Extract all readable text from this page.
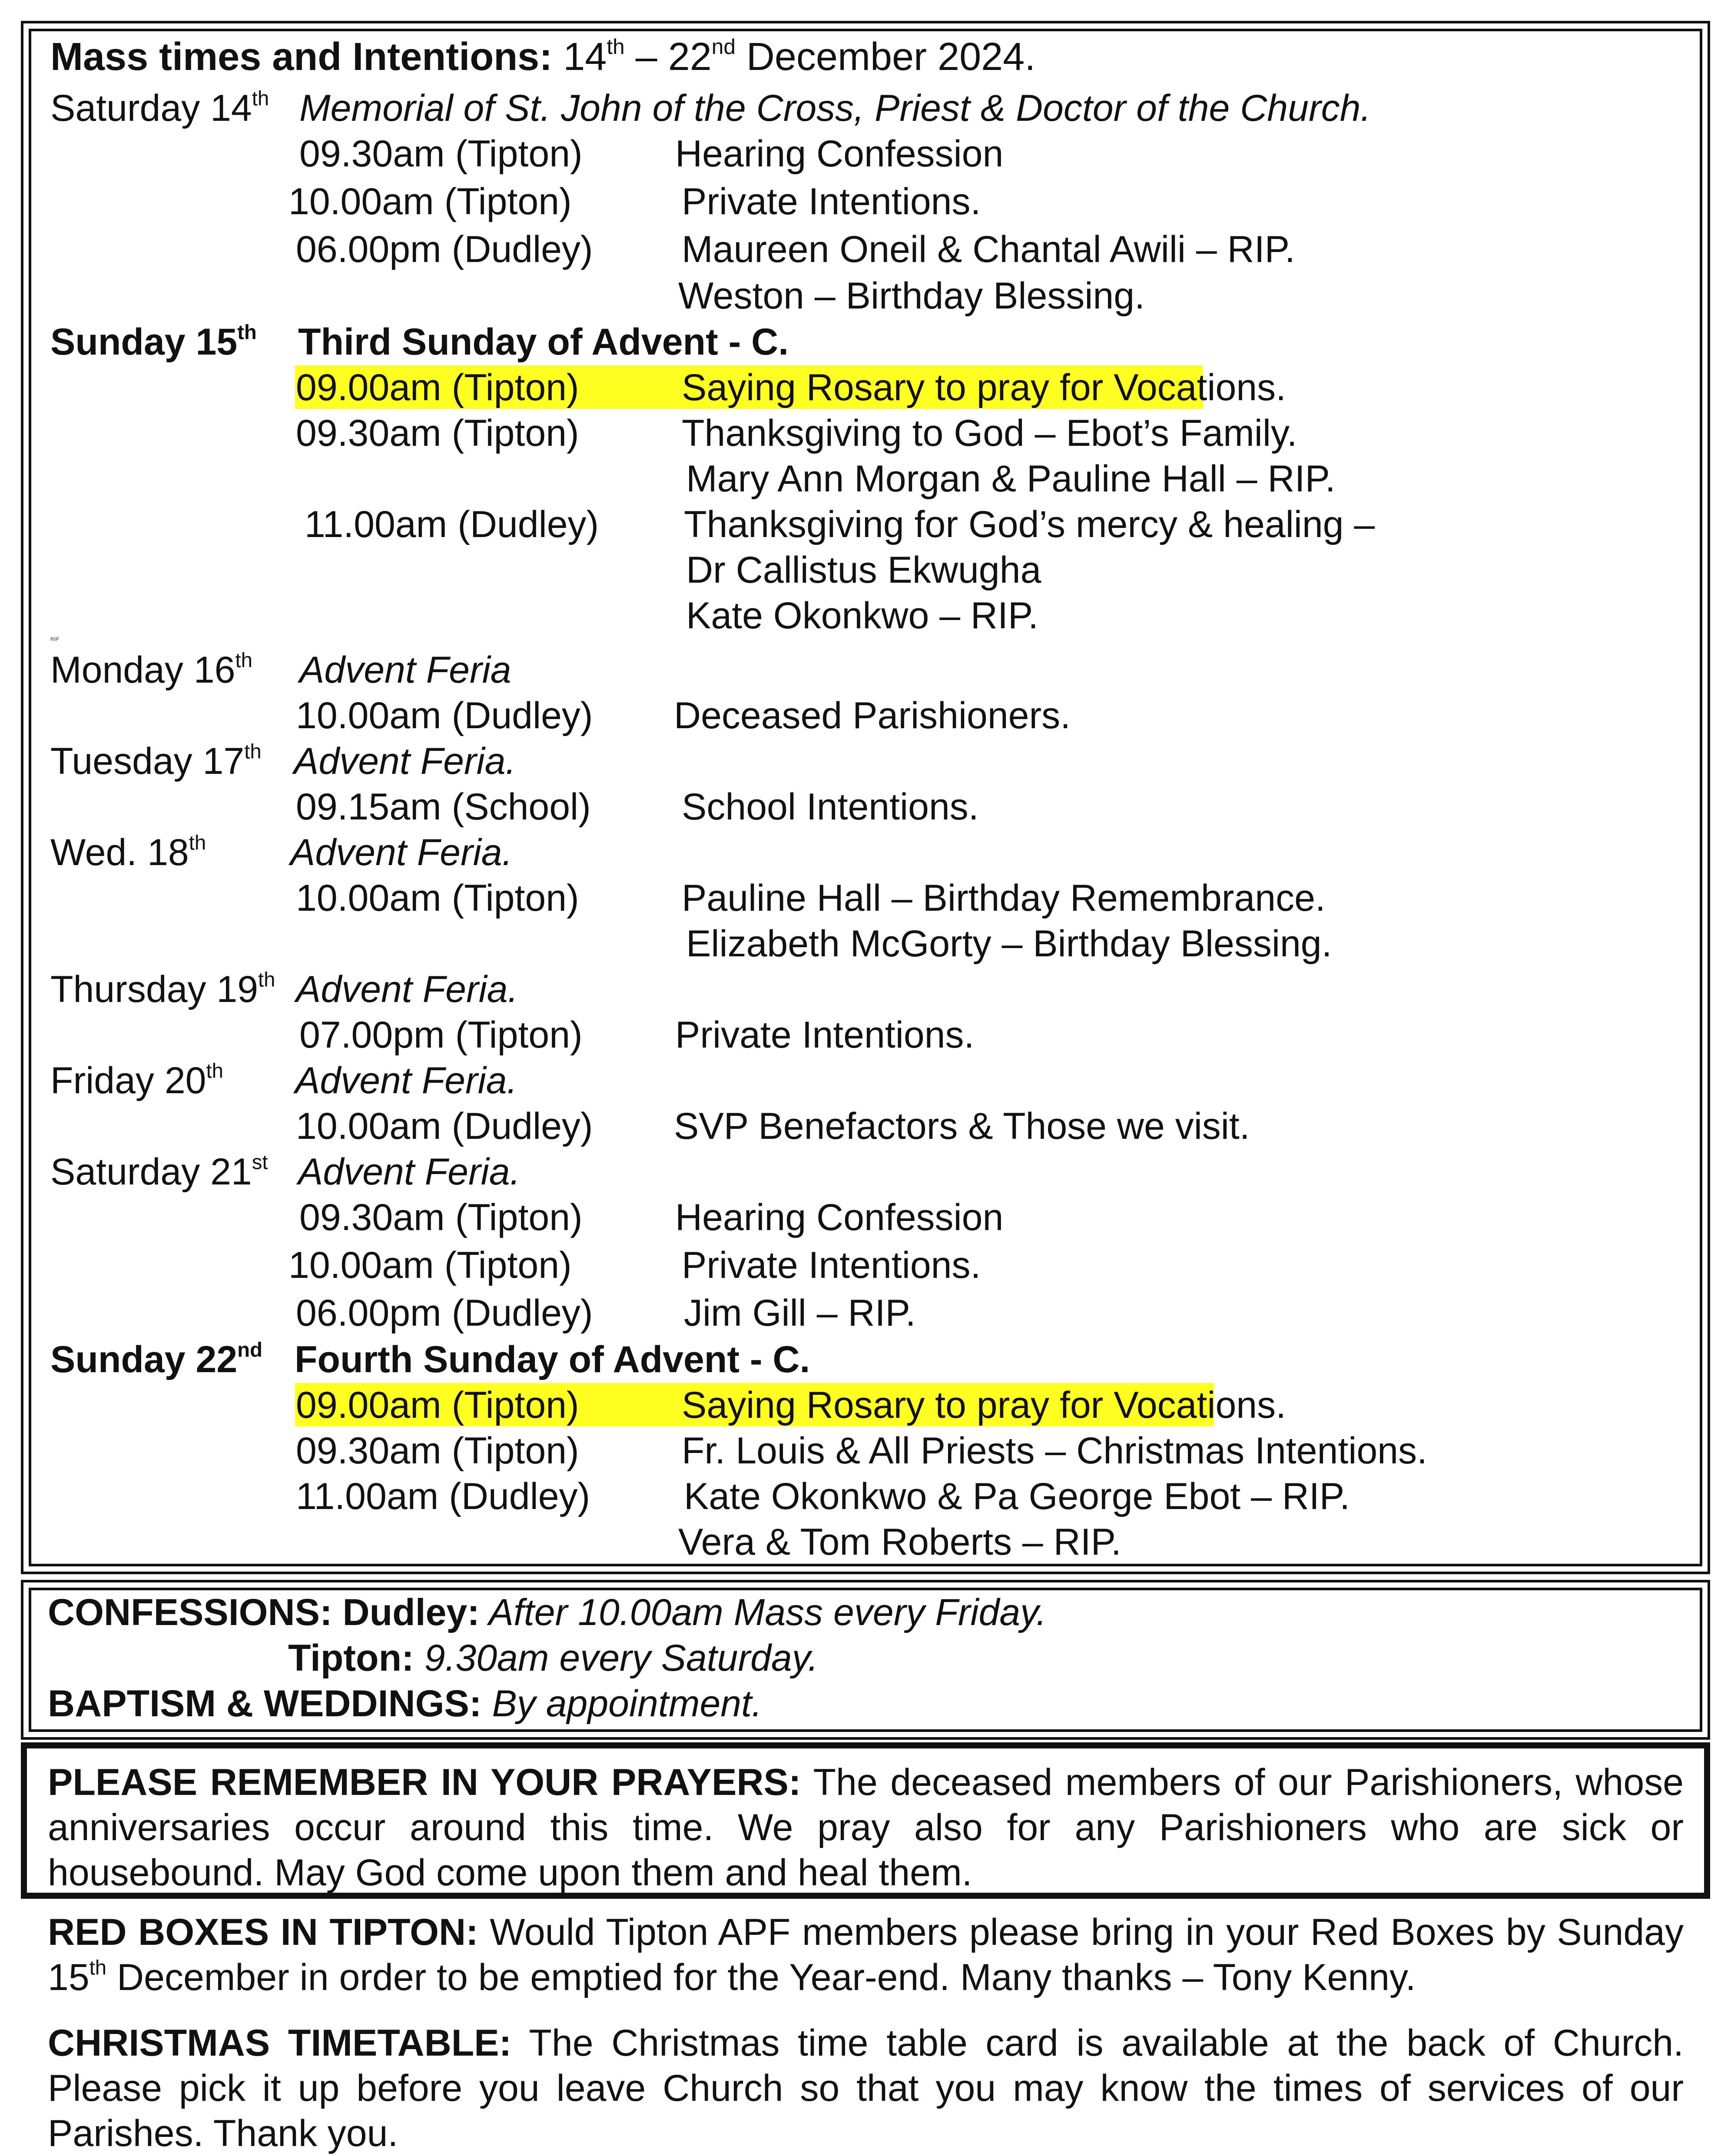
Mass times and Intentions: 14th – 22nd December 2024.
Saturday 14th Memorial of St. John of the Cross, Priest & Doctor of the Church.
09.30am (Tipton) Hearing Confession
10.00am (Tipton)	Private Intentions.
06.00pm (Dudley) Maureen Oneil & Chantal Awili – RIP.
Weston – Birthday Blessing.
Sunday 15th Third Sunday of Advent - C.
09.00am (Tipton)	Saying Rosary to pray for Vocations.
09.30am (Tipton)	Thanksgiving to God – Ebot’s Family.
Mary Ann Morgan & Pauline Hall – RIP.
11.00am (Dudley) Thanksgiving for God’s mercy & healing –
Dr Callistus Ekwugha
Kate Okonkwo – RIP.
RIP
Monday 16th Advent Feria
10.00am (Dudley) Deceased Parishioners.
Tuesday 17th Advent Feria.
09.15am (School) School Intentions.
Wed. 18th Advent Feria.
10.00am (Tipton)	Pauline Hall – Birthday Remembrance.
Elizabeth McGorty – Birthday Blessing.
Thursday 19th Advent Feria.
07.00pm (Tipton) Private Intentions.
Friday 20th Advent Feria.
10.00am (Dudley) SVP Benefactors & Those we visit.
Saturday 21st Advent Feria.
09.30am (Tipton) Hearing Confession
10.00am (Tipton)	Private Intentions.
06.00pm (Dudley) Jim Gill – RIP.
Sunday 22nd Fourth Sunday of Advent - C.
09.00am (Tipton)	Saying Rosary to pray for Vocations.
09.30am (Tipton)	Fr. Louis & All Priests – Christmas Intentions.
11.00am (Dudley)	Kate Okonkwo & Pa George Ebot – RIP.
Vera & Tom Roberts – RIP.
CONFESSIONS: Dudley: After 10.00am Mass every Friday.
Tipton: 9.30am every Saturday.
BAPTISM & WEDDINGS: By appointment.
PLEASE REMEMBER IN YOUR PRAYERS: The deceased members of our Parishioners, whose anniversaries occur around this time. We pray also for any Parishioners who are sick or housebound. May God come upon them and heal them.
RED BOXES IN TIPTON: Would Tipton APF members please bring in your Red Boxes by Sunday 15th December in order to be emptied for the Year-end. Many thanks – Tony Kenny.
CHRISTMAS TIMETABLE: The Christmas time table card is available at the back of Church. Please pick it up before you leave Church so that you may know the times of services of our Parishes. Thank you.
